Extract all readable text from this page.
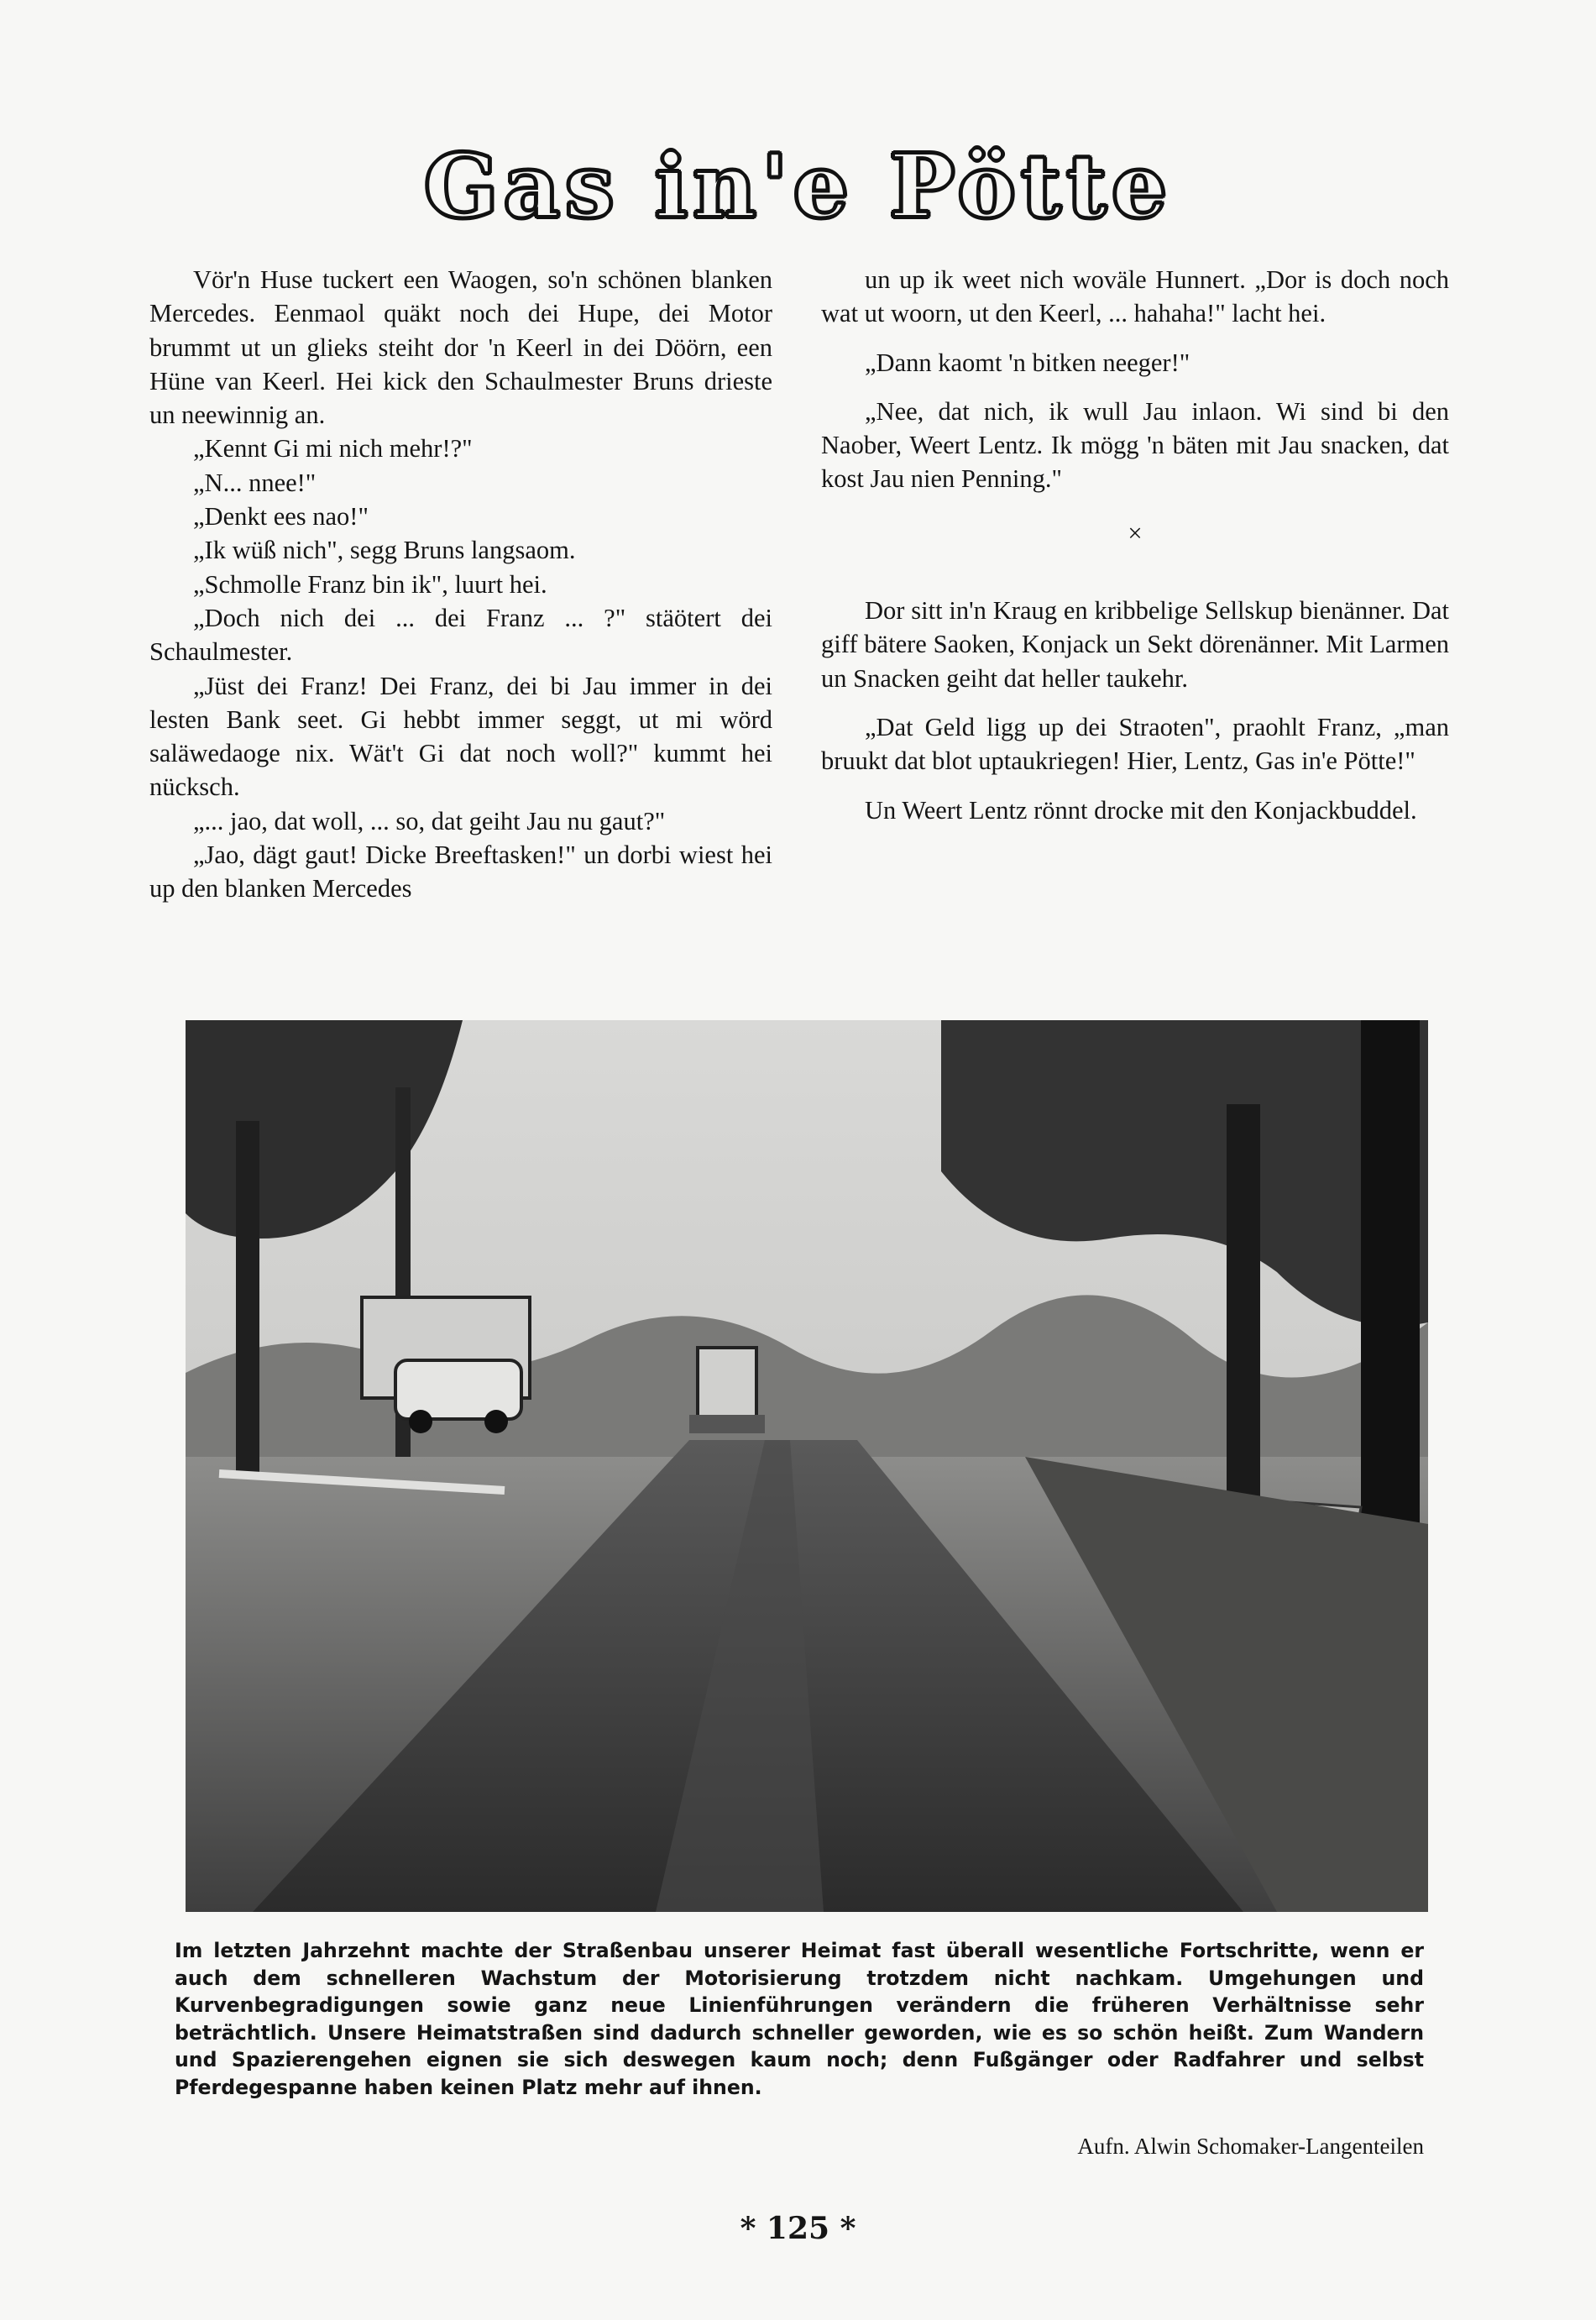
Gas in'e Pötte

Vör'n Huse tuckert een Waogen, so'n schönen blanken Mercedes. Eenmaol quäkt noch dei Hupe, dei Motor brummt ut un glieks steiht dor 'n Keerl in dei Döörn, een Hüne van Keerl. Hei kick den Schaulmester Bruns drieste un neewinnig an.

„Kennt Gi mi nich mehr!?"

„N... nnee!"

„Denkt ees nao!"

„Ik wüß nich", segg Bruns langsaom.

„Schmolle Franz bin ik", luurt hei.

„Doch nich dei ... dei Franz ... ?" stäötert dei Schaulmester.

„Jüst dei Franz! Dei Franz, dei bi Jau immer in dei lesten Bank seet. Gi hebbt immer seggt, ut mi wörd saläwedaoge nix. Wät't Gi dat noch woll?" kummt hei nücksch.

„... jao, dat woll, ... so, dat geiht Jau nu gaut?"

„Jao, dägt gaut! Dicke Breeftasken!" un dorbi wiest hei up den blanken Mercedes

un up ik weet nich woväle Hunnert. „Dor is doch noch wat ut woorn, ut den Keerl, ... hahaha!" lacht hei.

„Dann kaomt 'n bitken neeger!"

„Nee, dat nich, ik wull Jau inlaon. Wi sind bi den Naober, Weert Lentz. Ik mögg 'n bäten mit Jau snacken, dat kost Jau nien Penning."

×

Dor sitt in'n Kraug en kribbelige Sellskup bienänner. Dat giff bätere Saoken, Konjack un Sekt dörenänner. Mit Larmen un Snacken geiht dat heller taukehr.

„Dat Geld ligg up dei Straoten", praohlt Franz, „man bruukt dat blot uptaukriegen! Hier, Lentz, Gas in'e Pötte!"

Un Weert Lentz rönnt drocke mit den Konjackbuddel.

Im letzten Jahrzehnt machte der Straßenbau unserer Heimat fast überall wesentliche Fortschritte, wenn er auch dem schnelleren Wachstum der Motorisierung trotzdem nicht nachkam. Umgehungen und Kurvenbegradigungen sowie ganz neue Linienführungen verändern die früheren Verhältnisse sehr beträchtlich. Unsere Heimatstraßen sind dadurch schneller geworden, wie es so schön heißt. Zum Wandern und Spazierengehen eignen sie sich deswegen kaum noch; denn Fußgänger oder Radfahrer und selbst Pferdegespanne haben keinen Platz mehr auf ihnen.

Aufn. Alwin Schomaker-Langenteilen
* 125 *
